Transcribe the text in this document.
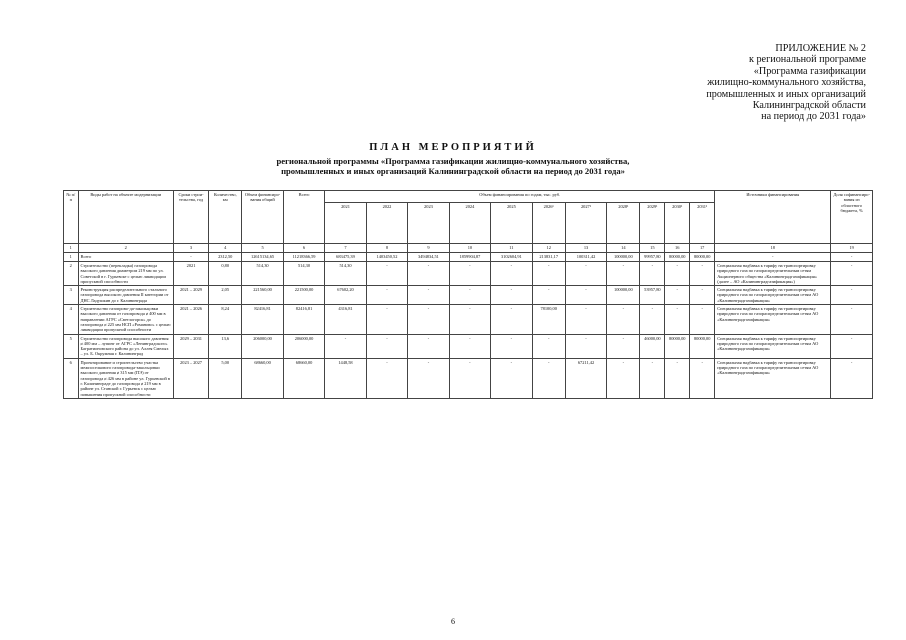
ПРИЛОЖЕНИЕ № 2
к региональной программе
«Программа газификации
жилищно-коммунального хозяйства,
промышленных и иных организаций
Калининградской области
на период до 2031 года»
ПЛАН МЕРОПРИЯТИЙ
региональной программы «Программа газификации жилищно-коммунального хозяйства,
промышленных и иных организаций Калининградской области на период до 2031 года»
№ п/п	Виды работ на объекте модернизации	Сроки строи-тельства, год	Количество, км	Объем финансиро-вания общий	Всего	Объем финансирования по годам, тыс. руб.											Источники финансирования	Доля софинансиро-вания из областного бюджета, %
						2021	2022	2023	2024	2025	2026¹	2027¹	2028¹	2029¹	2030¹	2031¹		
1	2	3	4	5	6	7	8	9	10	11	12	13	14	15	16	17	18	19
1	Всего	-	2312,50	12615134,65	11218366,59	683475,39	1403450,52	3494834,51	1859904,87	3102604,91	213831,17	100311,42	100000,00	99957,80	80000,00	80000,00	-	-
2	Строительство (перекладка) газопровода высокого давления диаметром 219 мм по ул. Советской в г. Гурьевске с целью ликвидации пропускной способности	2021	0,80	514,30	514,30	514,30	-	-	-	-	-	-	-	-	-	-	Специальная надбавка к тарифу на транспортировку природного газа по газораспределительным сетям Акционерного общества «Калининградгазификация» (далее – АО «Калининградгазификация»)	-
3	Реконструкция распределительного стального газопровода высокого давления II категории от ДНС Ладушкин до г. Калининграда	2021 – 2029	2,05	221560,00	221500,00	67602,20	-	-	-	-	-	-	100000,00	53957,80	-	-	Специальная надбавка к тарифу на транспортировку природного газа по газораспределительным сетям АО «Калининградгазификация»	-
4	Строительство газопрово-да-закольцовки высокого давления от газопровода ø 400 мм в направлении АГРС «Светлогорск» до газопровода ø 225 мм НСП «Романово» с целью ликвидации пропускной способности	2021 – 2026	8,24	82416,81	82416,81	4316,81	-	-	-	-	78100,00	-	-	-	-	-	Специальная надбавка к тарифу на транспортировку природного газа по газораспределительным сетям АО «Калининградгазификация»	-
5	Строительство газопровода высокого давления ø 400 мм – лупинг от АГРС «Ленинградского» Багратионовского района до ул. Аллея Смелых – ул. Б. Окружная г. Калининград	2029 – 2031	13,6	206000,00	206000,00	-	-	-	-	-	-	-	-	46000,00	80000,00	80000,00	Специальная надбавка к тарифу на транспортировку природного газа по газораспределительным сетям АО «Калининградгазификация»	-
6	Проектирование и строительство участка межпоселкового газопровода-закольцовки высокого давления ø 315 мм (ПЭ) от газопровода ø 426 мм в районе ул. Гурьевской в г. Калининграде до газопровода ø 219 мм в районе ул. Станской г. Гурьевск с целью повышения пропускной способности	2023 – 2027	5,00	68660,00	68660,00	1448,58	-	-	-	-	-	67211,42	-	-	-	-	Специальная надбавка к тарифу на транспортировку природного газа по газораспределительным сетям АО «Калининградгазификация»	-
6
